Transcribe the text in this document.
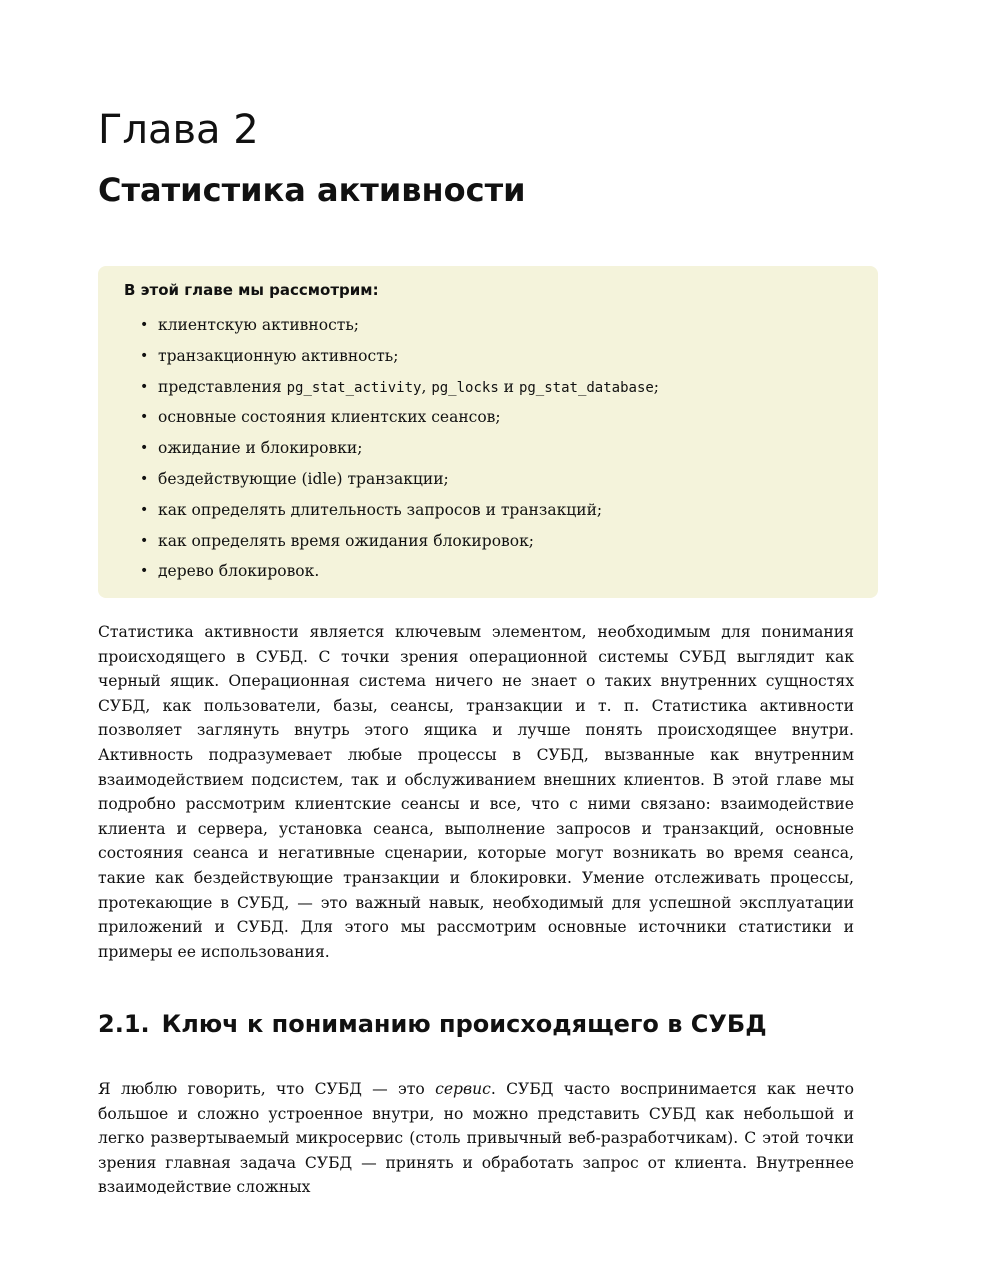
Глава 2
Статистика активности

В этой главе мы рассмотрим:

• клиентскую активность;
• транзакционную активность;
• представления pg_stat_activity, pg_locks и pg_stat_database;
• основные состояния клиентских сеансов;
• ожидание и блокировки;
• бездействующие (idle) транзакции;
• как определять длительность запросов и транзакций;
• как определять время ожидания блокировок;
• дерево блокировок.

Статистика активности является ключевым элементом, необходимым для понимания происходящего в СУБД. С точки зрения операционной системы СУБД выглядит как черный ящик. Операционная система ничего не знает о таких внутренних сущностях СУБД, как пользователи, базы, сеансы, транзакции и т. п. Статистика активности позволяет заглянуть внутрь этого ящика и лучше понять происходящее внутри. Активность подразумевает любые процессы в СУБД, вызванные как внутренним взаимодействием подсистем, так и обслуживанием внешних клиентов. В этой главе мы подробно рассмотрим клиентские сеансы и все, что с ними связано: взаимодействие клиента и сервера, установка сеанса, выполнение запросов и транзакций, основные состояния сеанса и негативные сценарии, которые могут возникать во время сеанса, такие как бездействующие транзакции и блокировки. Умение отслеживать процессы, протекающие в СУБД, — это важный навык, необходимый для успешной эксплуатации приложений и СУБД. Для этого мы рассмотрим основные источники статистики и примеры ее использования.

2.1. Ключ к пониманию происходящего в СУБД

Я люблю говорить, что СУБД — это сервис. СУБД часто воспринимается как нечто большое и сложно устроенное внутри, но можно представить СУБД как небольшой и легко развертываемый микросервис (столь привычный веб-разработчикам). С этой точки зрения главная задача СУБД — принять и обработать запрос от клиента. Внутреннее взаимодействие сложных
